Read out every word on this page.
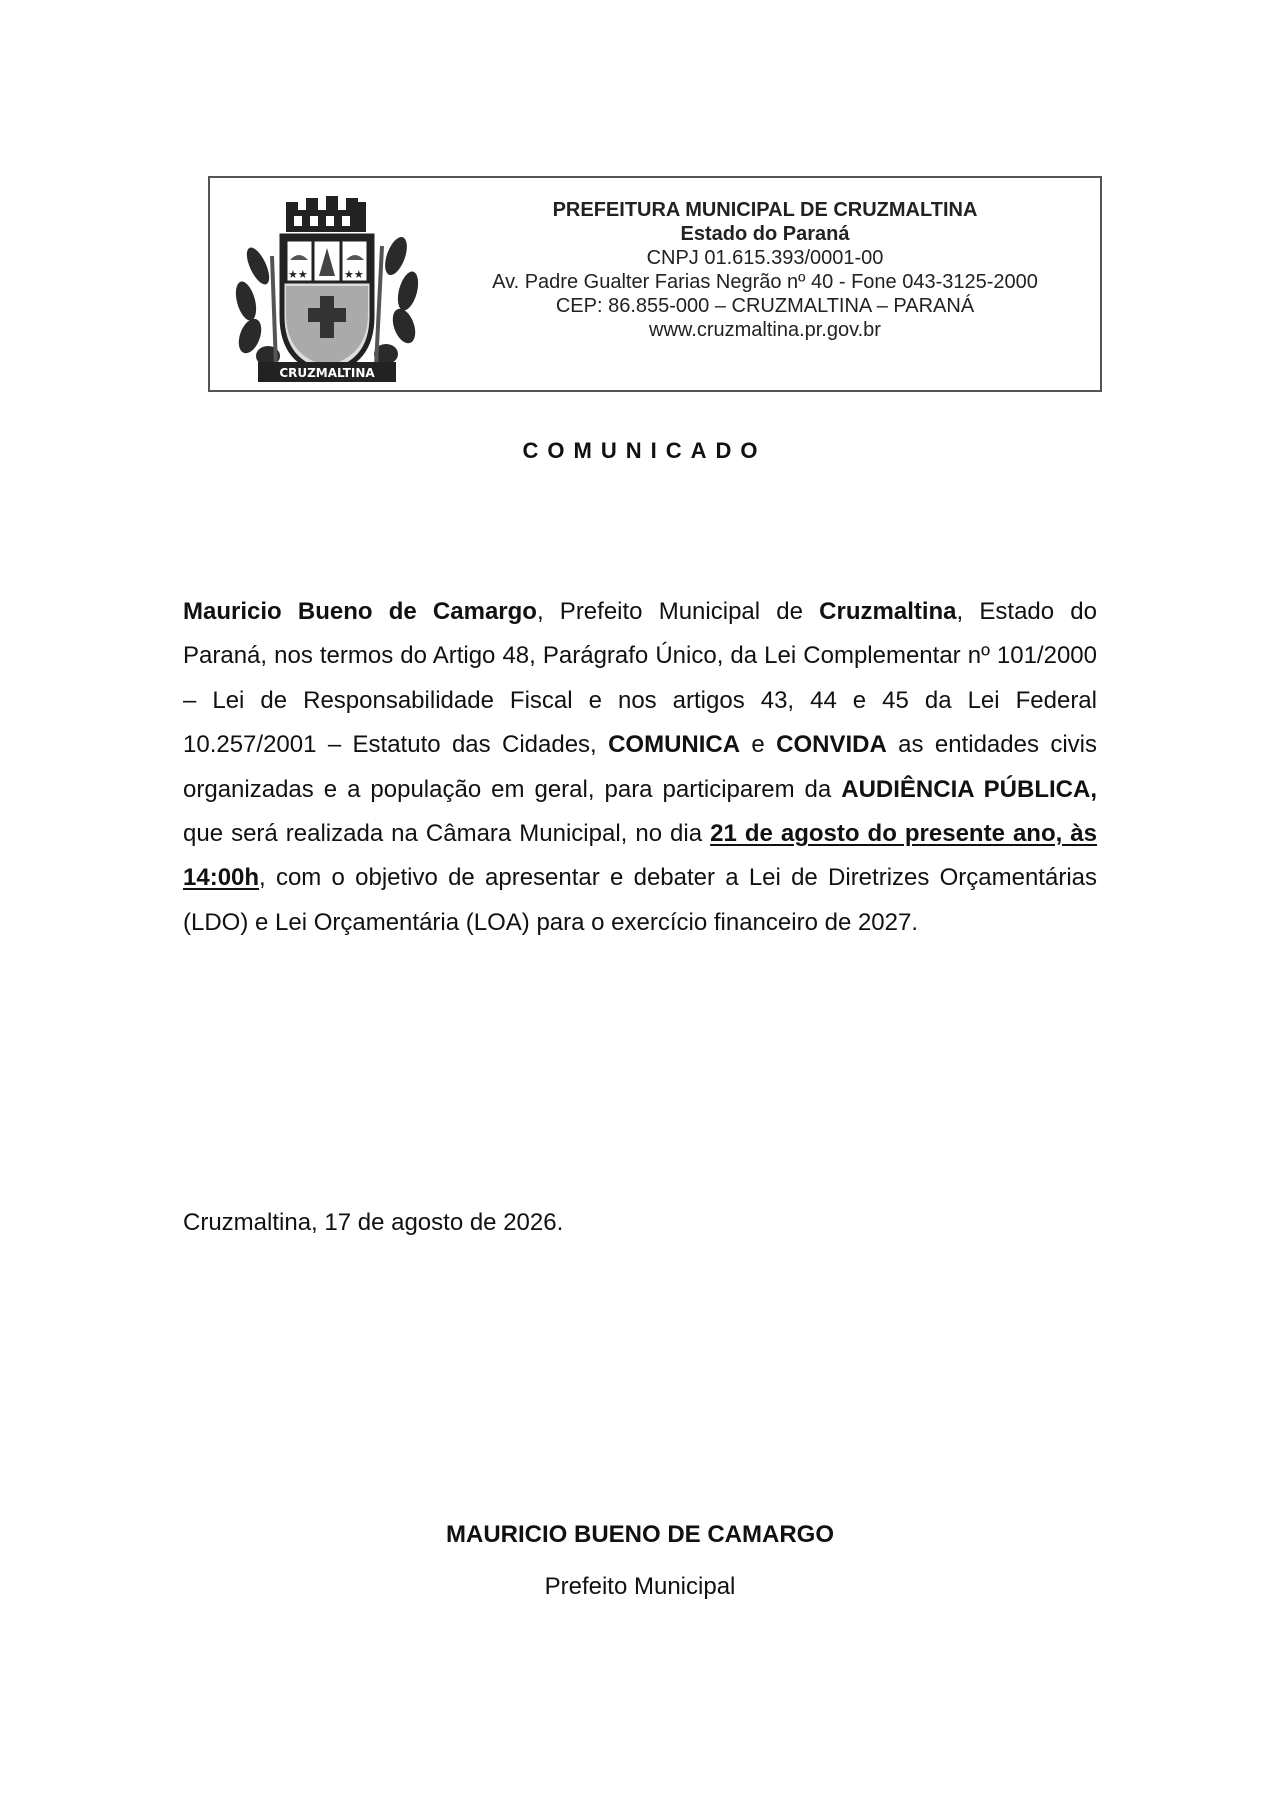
★★	★★
CRUZMALTINA
PREFEITURA MUNICIPAL DE CRUZMALTINA
Estado do Paraná
CNPJ 01.615.393/0001-00
Av. Padre Gualter Farias Negrão nº 40 - Fone 043-3125-2000
CEP: 86.855-000 – CRUZMALTINA – PARANÁ
www.cruzmaltina.pr.gov.br
COMUNICADO

Mauricio Bueno de Camargo, Prefeito Municipal de Cruzmaltina, Estado do Paraná, nos termos do Artigo 48, Parágrafo Único, da Lei Complementar nº 101/2000 – Lei de Responsabilidade Fiscal e nos artigos 43, 44 e 45 da Lei Federal 10.257/2001 – Estatuto das Cidades, COMUNICA e CONVIDA as entidades civis organizadas e a população em geral, para participarem da AUDIÊNCIA PÚBLICA, que será realizada na Câmara Municipal, no dia 21 de agosto do presente ano, às 14:00h, com o objetivo de apresentar e debater a Lei de Diretrizes Orçamentárias (LDO) e Lei Orçamentária (LOA) para o exercício financeiro de 2027.

Cruzmaltina, 17 de agosto de 2026.
MAURICIO BUENO DE CAMARGO
Prefeito Municipal
